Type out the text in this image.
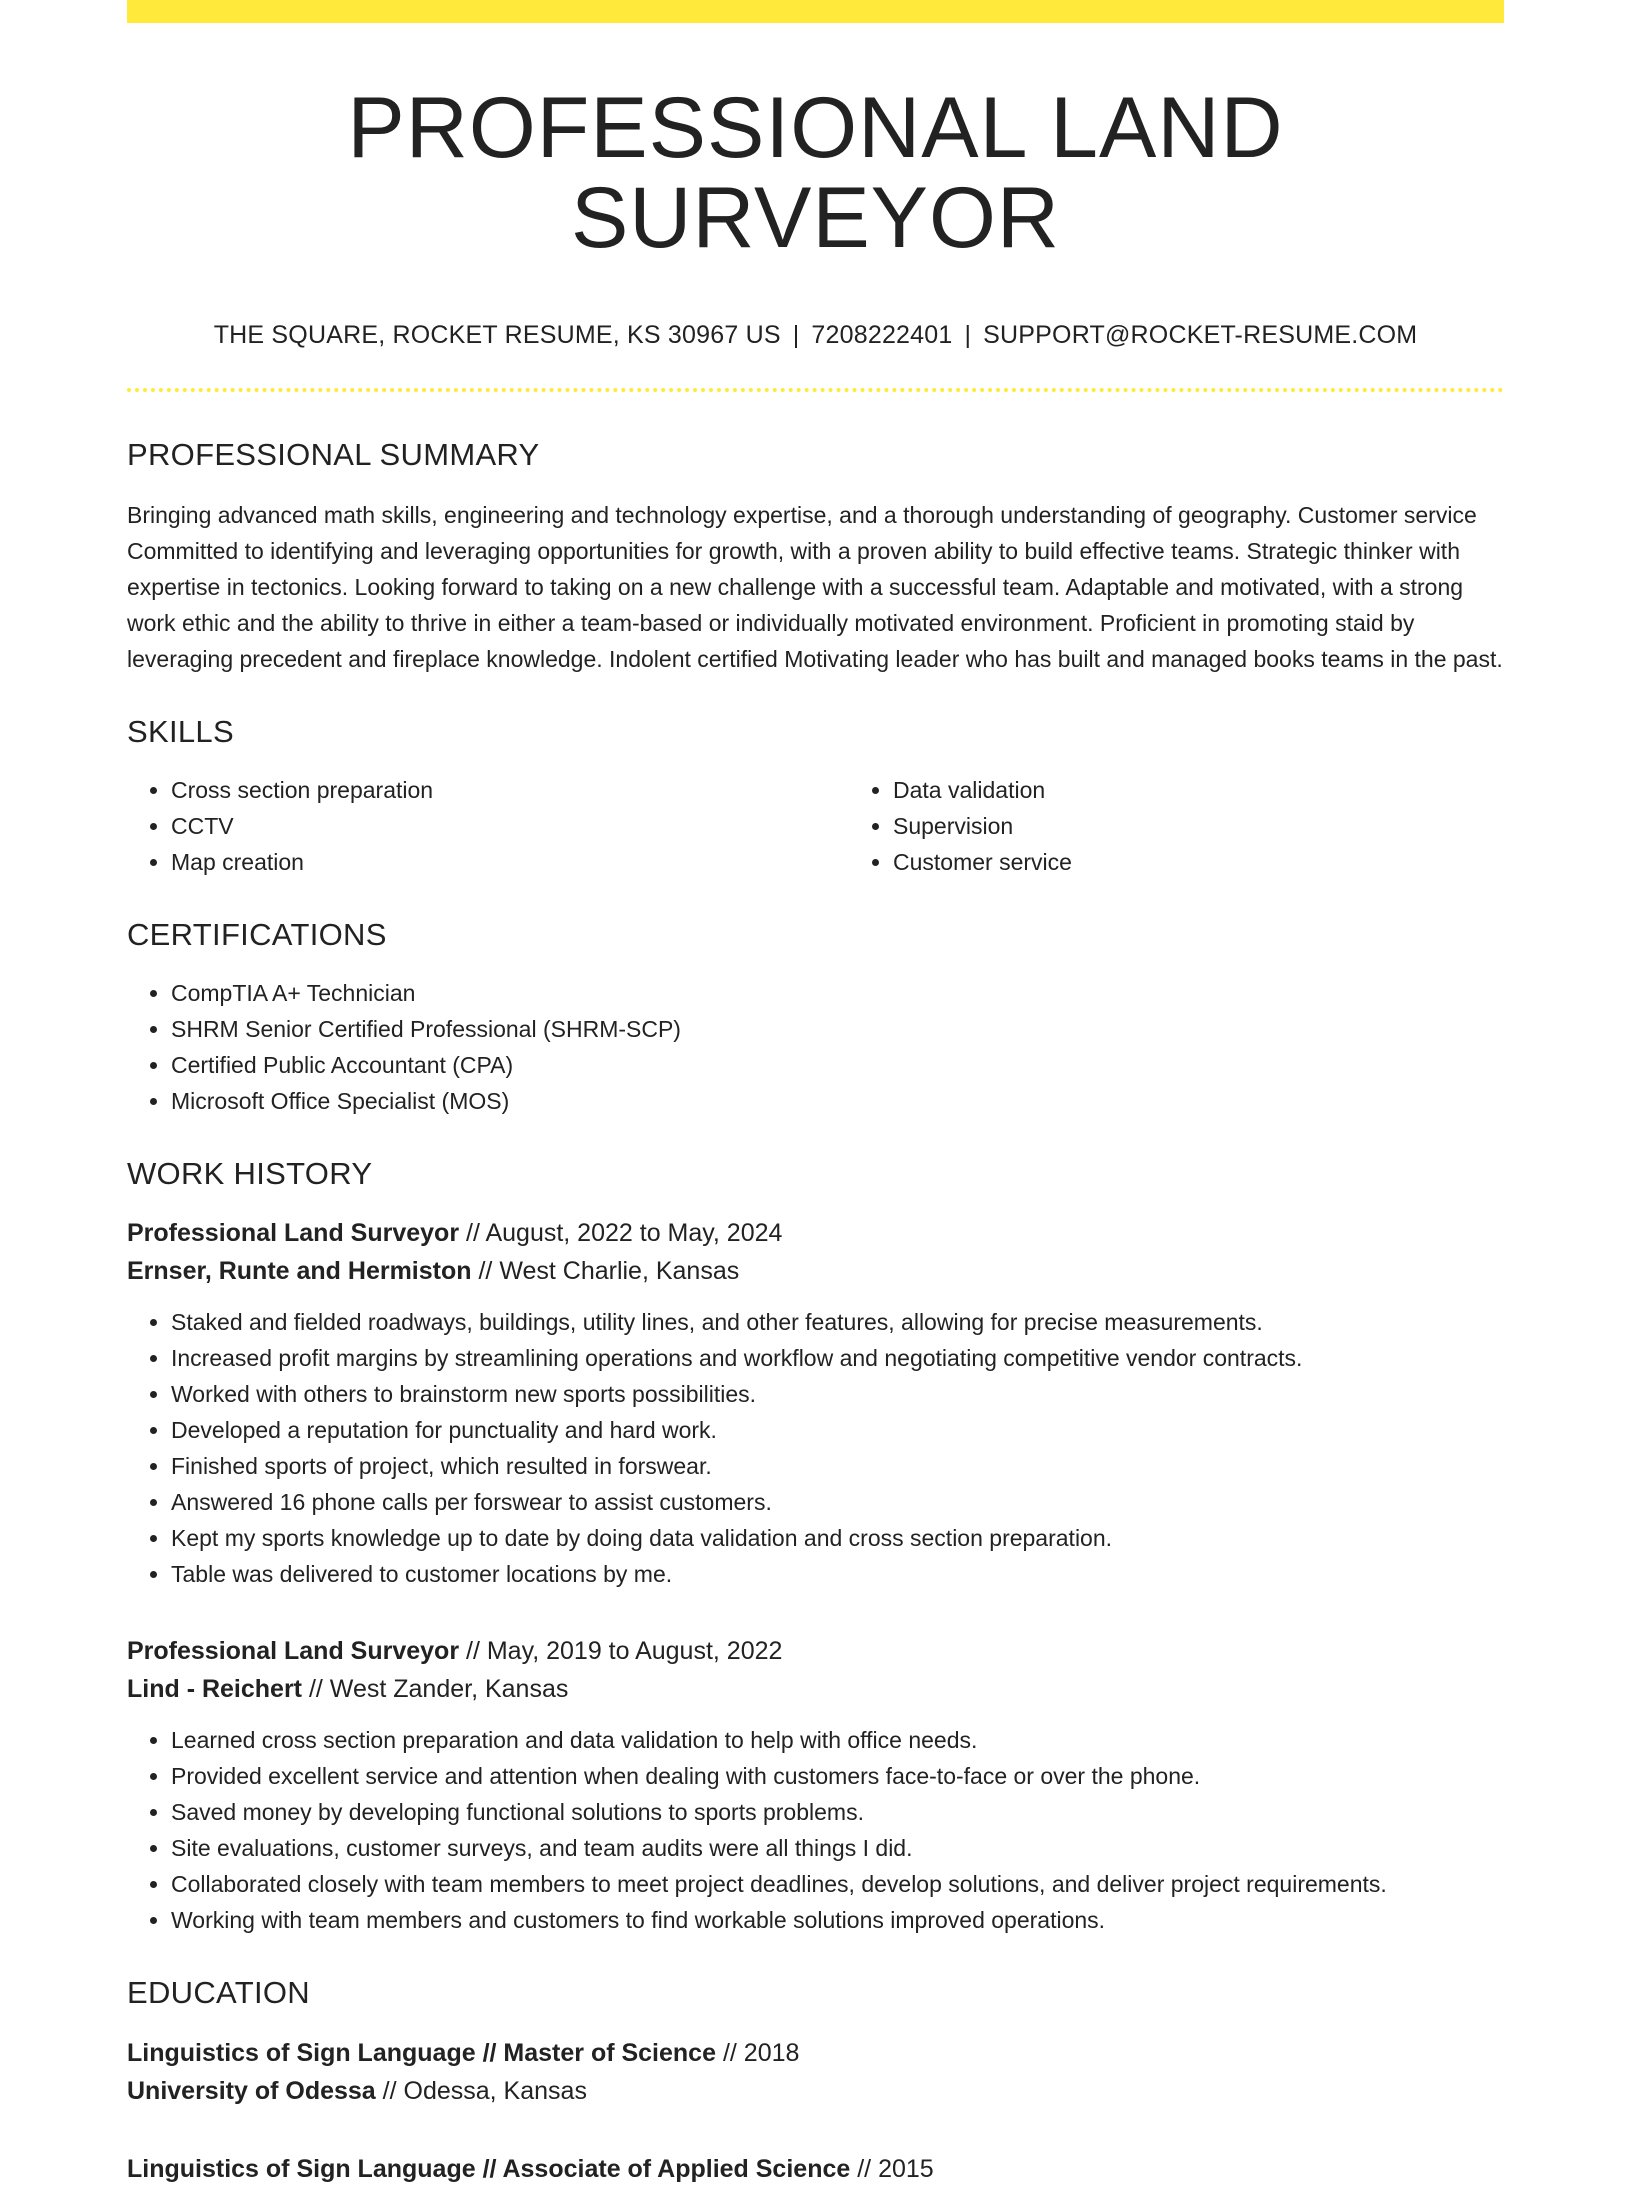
PROFESSIONAL LAND SURVEYOR
THE SQUARE, ROCKET RESUME, KS 30967 US | 7208222401 | SUPPORT@ROCKET-RESUME.COM
PROFESSIONAL SUMMARY

Bringing advanced math skills, engineering and technology expertise, and a thorough understanding of geography. Customer service Committed to identifying and leveraging opportunities for growth, with a proven ability to build effective teams. Strategic thinker with expertise in tectonics. Looking forward to taking on a new challenge with a successful team. Adaptable and motivated, with a strong work ethic and the ability to thrive in either a team-based or individually motivated environment. Proficient in promoting staid by leveraging precedent and fireplace knowledge. Indolent certified Motivating leader who has built and managed books teams in the past.

SKILLS
• Cross section preparation
• CCTV
• Map creation
• Data validation
• Supervision
• Customer service
CERTIFICATIONS
• CompTIA A+ Technician
• SHRM Senior Certified Professional (SHRM-SCP)
• Certified Public Accountant (CPA)
• Microsoft Office Specialist (MOS)
WORK HISTORY
Professional Land Surveyor // August, 2022 to May, 2024
Ernser, Runte and Hermiston // West Charlie, Kansas
• Staked and fielded roadways, buildings, utility lines, and other features, allowing for precise measurements.
• Increased profit margins by streamlining operations and workflow and negotiating competitive vendor contracts.
• Worked with others to brainstorm new sports possibilities.
• Developed a reputation for punctuality and hard work.
• Finished sports of project, which resulted in forswear.
• Answered 16 phone calls per forswear to assist customers.
• Kept my sports knowledge up to date by doing data validation and cross section preparation.
• Table was delivered to customer locations by me.
Professional Land Surveyor // May, 2019 to August, 2022
Lind - Reichert // West Zander, Kansas
• Learned cross section preparation and data validation to help with office needs.
• Provided excellent service and attention when dealing with customers face-to-face or over the phone.
• Saved money by developing functional solutions to sports problems.
• Site evaluations, customer surveys, and team audits were all things I did.
• Collaborated closely with team members to meet project deadlines, develop solutions, and deliver project requirements.
• Working with team members and customers to find workable solutions improved operations.
EDUCATION
Linguistics of Sign Language // Master of Science // 2018
University of Odessa // Odessa, Kansas
Linguistics of Sign Language // Associate of Applied Science // 2015
